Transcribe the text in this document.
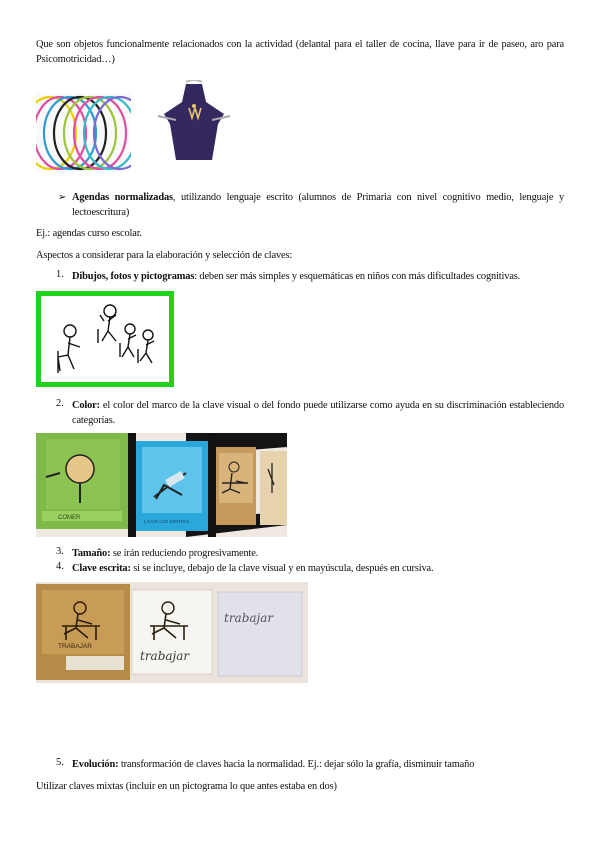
Que son objetos funcionalmente relacionados con la actividad (delantal para el taller de cocina, llave para ir de paseo, aro para Psicomotricidad…)
➢ Agendas normalizadas, utilizando lenguaje escrito (alumnos de Primaria con nivel cognitivo medio, lenguaje y lectoescritura)
Ej.: agendas curso escolar.
Aspectos a considerar para la elaboración y selección de claves:
1. Dibujos, fotos y pictogramas: deben ser más simples y esquemáticas en niños con más dificultades cognitivas.
2. Color: el color del marco de la clave visual o del fondo puede utilizarse como ayuda en su discriminación estableciendo categorías.
COMER
LAVAR LOS DIENTES
3. Tamaño: se irán reduciendo progresivamente.
4. Clave escrita: si se incluye, debajo de la clave visual y en mayúscula, después en cursiva.
TRABAJAR
trabajar
trabajar
5. Evolución: transformación de claves hacia la normalidad. Ej.: dejar sólo la grafía, disminuir tamaño
Utilizar claves mixtas (incluir en un pictograma lo que antes estaba en dos)
